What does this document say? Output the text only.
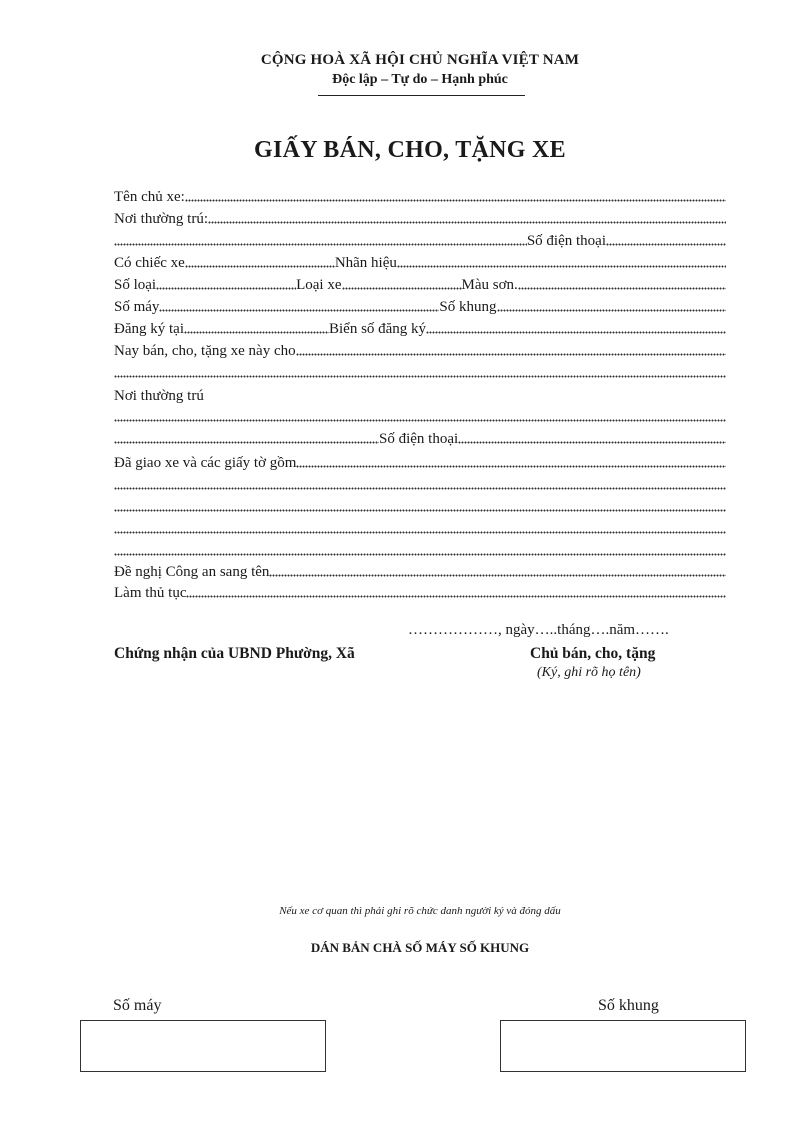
CỘNG HOÀ XÃ HỘI CHỦ NGHĨA VIỆT NAM
Độc lập – Tự do – Hạnh phúc
GIẤY BÁN, CHO, TẶNG XE
Tên chủ xe:
Nơi thường trú:
Số điện thoại
Có chiếc xe	Nhãn hiệu
Số loại	Loại xe	Màu sơn.
Số máy	Số khung
Đăng ký tại	Biển số đăng ký
Nay bán, cho, tặng xe này cho
Nơi thường trú
Số điện thoại
Đã giao xe và các giấy tờ gồm
Đề nghị Công an sang tên
Làm thủ tục
………………, ngày…..tháng….năm…….
Chứng nhận của UBND Phường, Xã	Chủ bán, cho, tặng
(Ký, ghi rõ họ tên)
Nếu xe cơ quan thì phải ghi rõ chức danh người ký và đóng dấu
DÁN BẢN CHÀ SỐ MÁY SỐ KHUNG
Số máy	Số khung
